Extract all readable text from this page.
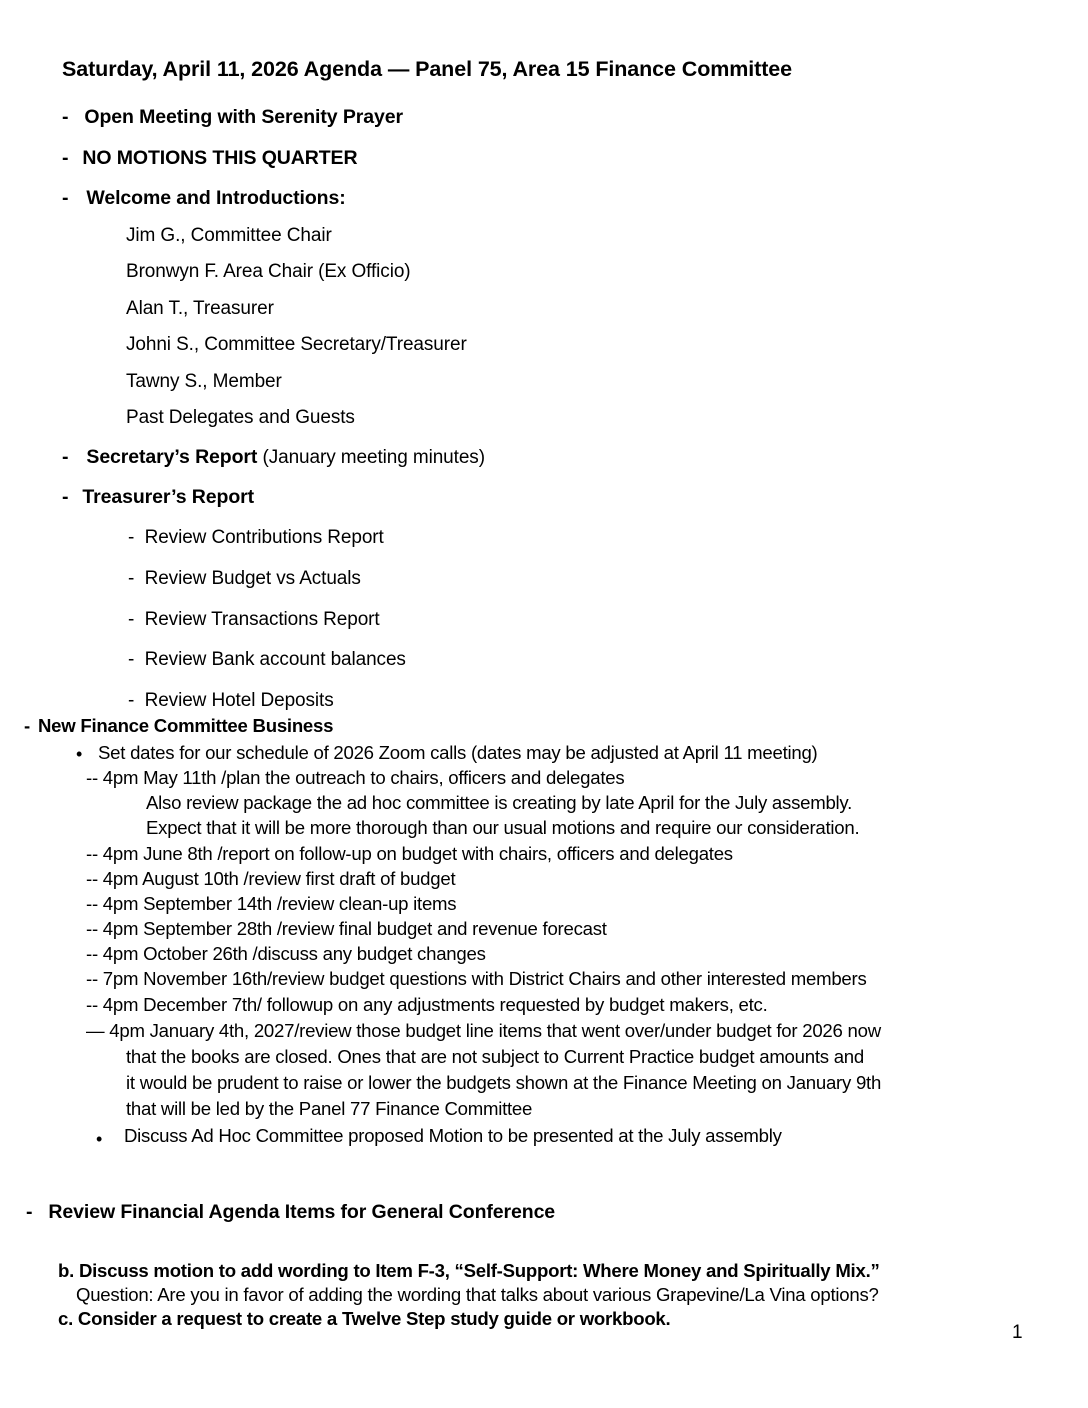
Saturday, April 11, 2026 Agenda — Panel 75, Area 15 Finance Committee
- Open Meeting with Serenity Prayer
- NO MOTIONS THIS QUARTER
- Welcome and Introductions:
Jim G., Committee Chair
Bronwyn F. Area Chair (Ex Officio)
Alan T., Treasurer
Johni S., Committee Secretary/Treasurer
Tawny S., Member
Past Delegates and Guests
- Secretary’s Report (January meeting minutes)
- Treasurer’s Report
-  Review Contributions Report
-  Review Budget vs Actuals
-  Review Transactions Report
-  Review Bank account balances
-  Review Hotel Deposits
- New Finance Committee Business
• Set dates for our schedule of 2026 Zoom calls (dates may be adjusted at April 11 meeting)
-- 4pm May 11th /plan the outreach to chairs, officers and delegates
Also review package the ad hoc committee is creating by late April for the July assembly.
Expect that it will be more thorough than our usual motions and require our consideration.
-- 4pm June 8th /report on follow-up on budget with chairs, officers and delegates
-- 4pm August 10th /review first draft of budget
-- 4pm September 14th /review clean-up items
-- 4pm September 28th /review final budget and revenue forecast
-- 4pm October 26th /discuss any budget changes
-- 7pm November 16th/review budget questions with District Chairs and other interested members
-- 4pm December 7th/ followup on any adjustments requested by budget makers, etc.
— 4pm January 4th, 2027/review those budget line items that went over/under budget for 2026 now
that the books are closed. Ones that are not subject to Current Practice budget amounts and
it would be prudent to raise or lower the budgets shown at the Finance Meeting on January 9th
that will be led by the Panel 77 Finance Committee
• Discuss Ad Hoc Committee proposed Motion to be presented at the July assembly
- Review Financial Agenda Items for General Conference
b. Discuss motion to add wording to Item F-3, “Self-Support: Where Money and Spiritually Mix.”
Question: Are you in favor of adding the wording that talks about various Grapevine/La Vina options?
c. Consider a request to create a Twelve Step study guide or workbook.
1
